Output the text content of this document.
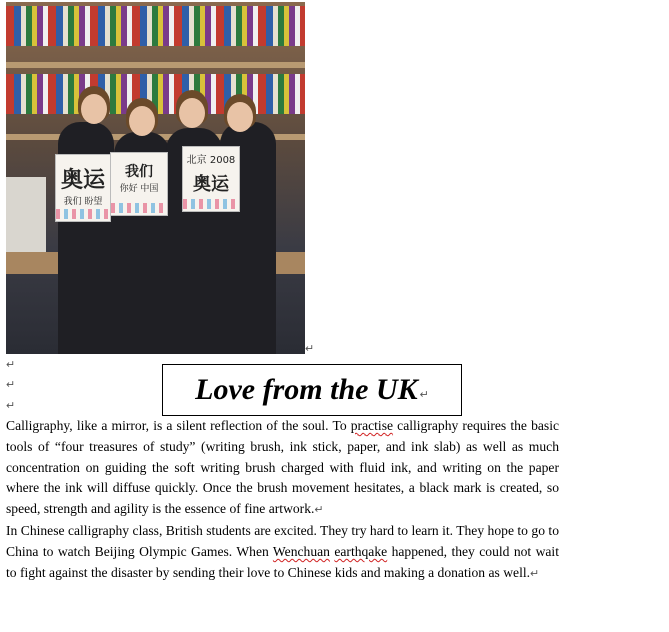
奥运
我们 盼望
我们
你好 中国
北京 2008
奥运
↵
↵
↵
↵	Love from the UK ↵

Calligraphy, like a mirror, is a silent reflection of the soul. To practise calligraphy requires the basic tools of “four treasures of study” (writing brush, ink stick, paper, and ink slab) as well as much concentration on guiding the soft writing brush charged with fluid ink, and writing on the paper where the ink will diffuse quickly. Once the brush movement hesitates, a black mark is created, so speed, strength and agility is the essence of fine artwork.↵

In Chinese calligraphy class, British students are excited. They try hard to learn it. They hope to go to China to watch Beijing Olympic Games. When Wenchuan earthqake happened, they could not wait to fight against the disaster by sending their love to Chinese kids and making a donation as well.↵
